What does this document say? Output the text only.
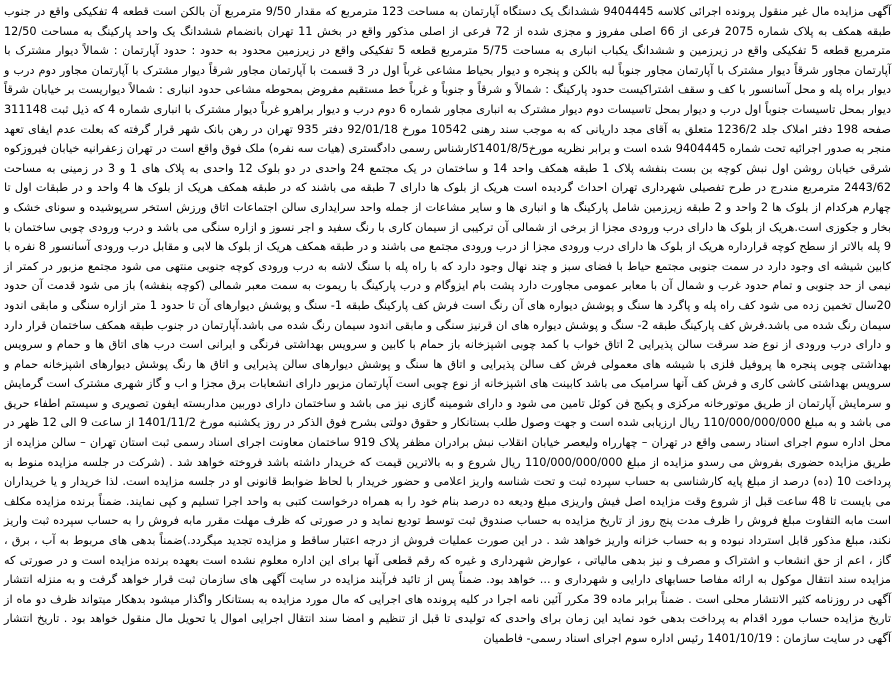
آگهی مزایده مال غیر منقول پرونده اجرائی کلاسه 9404445 ششدانگ یک دستگاه آپارتمان به مساحت 123 مترمربع که مقدار 9/50 مترمربع آن بالکن است قطعه 4 تفکیکی واقع در جنوب طبقه همکف به پلاک شماره 2075 فرعی از 66 اصلی مفروز و مجزی شده از 72 فرعی از اصلی مذکور واقع در بخش 11 تهران بانضمام ششدانگ یک واحد پارکینگ به مساحت 12/50 مترمربع قطعه 5 تفکیکی واقع در زیرزمین و ششدانگ یکباب انباری به مساحت 5/75 مترمربع قطعه 5 تفکیکی واقع در زیرزمین محدود به حدود : حدود آپارتمان : شمالاً دیوار مشترک با آپارتمان مجاور شرقاً دیوار مشترک با آپارتمان مجاور جنوباً لبه بالکن و پنجره و دیوار بحیاط مشاعی غرباً اول در 3 قسمت با آپارتمان مجاور شرقاً دیوار مشترک با آپارتمان مجاور دوم درب و دیوار براه پله و محل آسانسور با کف و سقف اشتراکیست حدود پارکینگ : شمالاً و شرقاً و جنوباً و غرباً خط مستقیم مفروض بمحوطه مشاعی حدود انباری : شمالاً دیواریست بر خیابان شرقاً دیوار بمحل تاسیسات جنوباً اول درب و دیوار بمحل تاسیسات دوم دیوار مشترک به انباری مجاور شماره 6 دوم درب و دیوار براهرو غرباً دیوار مشترک با انباری شماره 4 که ذیل ثبت 311148 صفحه 198 دفتر املاک جلد 1236/2 متعلق به آقای مجد داریانی که به موجب سند رهنی 10542 مورخ 92/01/18 دفتر 935 تهران در رهن بانک شهر قرار گرفته که بعلت عدم ایفای تعهد منجر به صدور اجرائیه تحت شماره 9404445 شده است و برابر نظریه مورخ1401/8/5کارشناس رسمی دادگستری (هیات سه نفره) ملک فوق واقع است در تهران زعفرانیه خیابان فیروزکوه شرقی خیابان روشن اول نبش کوچه بن بست بنفشه پلاک 1 طبقه همکف واحد 14 و ساختمان در یک مجتمع 24 واحدی در دو بلوک 12 واحدی به پلاک های 1 و 3 در زمینی به مساحت 2443/62 مترمربع مندرج در طرح تفصیلی شهرداری تهران احداث گردیده است هریک از بلوک ها دارای 7 طبقه می باشند که در طبقه همکف هریک از بلوک ها 4 واحد و در طبقات اول تا چهارم هرکدام از بلوک ها 2 واحد و 2 طبقه زیرزمین شامل پارکینگ ها و انباری ها و سایر مشاعات از جمله واحد سرایداری سالن اجتماعات اتاق ورزش استخر سرپوشیده و سونای خشک و بخار و جکوزی است.هریک از بلوک ها دارای درب ورودی مجزا از برخی از شمالی آن ترکیبی از سیمان کاری با رنگ سفید و اجر نسوز و ازاره سنگی می باشد و درب ورودی چوبی ساختمان با 9 پله بالاتر از سطح کوچه قرارداره هریک از بلوک ها دارای درب ورودی مجزا از درب ورودی مجتمع می باشند و در طبقه همکف هریک از بلوک ها لابی و مقابل درب ورودی آسانسور 8 نفره با کابین شیشه ای وجود دارد در سمت جنوبی مجتمع حیاط با فضای سبز و چند نهال وجود دارد که با راه پله با سنگ لاشه به درب ورودی کوچه جنوبی منتهی می شود مجتمع مزبور در کمتر از نیمی از حد جنوبی و تمام حدود غرب و شمال آن با معابر عمومی مجاورت دارد پشت بام ایزوگام و درب پارکینگ با ریموت به سمت معبر شمالی (کوچه بنفشه) باز می شود قدمت آن حدود 20سال تخمین زده می شود کف راه پله و پاگرد ها سنگ و پوشش دیواره های آن رنگ است فرش کف پارکینگ طبقه 1- سنگ و پوشش دیوارهای آن تا حدود 1 متر ازاره سنگی و مابقی اندود سیمان رنگ شده می باشد.فرش کف پارکینگ طبقه 2- سنگ و پوشش دیواره های ان قرنیز سنگی و مابقی اندود سیمان رنگ شده می باشد.آپارتمان در جنوب طبقه همکف ساختمان قرار دارد و دارای درب ورودی از نوع ضد سرقت سالن پذیرایی 2 اتاق خواب با کمد چوبی اشپزخانه باز حمام با کابین و سرویس بهداشتی فرنگی و ایرانی است درب های اتاق ها و حمام و سرویس بهداشتی چوبی پنجره ها پروفیل فلزی با شیشه های معمولی فرش کف سالن پذیرایی و اتاق ها سنگ و پوشش دیوارهای سالن پذیرایی و اتاق ها رنگ پوشش دیوارهای اشپزخانه حمام و سرویس بهداشتی کاشی کاری و فرش کف آنها سرامیک می باشد کابینت های اشپزخانه از نوع چوبی است آپارتمان مزبور دارای انشعابات برق مجزا و اب و گاز شهری مشترک است گرمایش و سرمایش آپارتمان از طریق موتورخانه مرکزی و پکیج فن کوئل تامین می شود و دارای شومینه گازی نیز می باشد و ساختمان دارای دوربین مداربسته ایفون تصویری و سیستم اطفاء حریق می باشد و به مبلغ 110/000/000/000 ریال ارزیابی شده است و جهت وصول طلب بستانکار و حقوق دولتی بشرح فوق الذکر در روز یکشنبه مورخ 1401/11/2 از ساعت 9 الی 12 ظهر در محل اداره سوم اجرای اسناد رسمی واقع در تهران – چهارراه ولیعصر خیابان انقلاب نبش برادران مظفر پلاک 919 ساختمان معاونت اجرای اسناد رسمی ثبت استان تهران – سالن مزایده از طریق مزایده حضوری بفروش می رسدو مزایده از مبلغ 110/000/000/000 ریال شروع و به بالاترین قیمت که خریدار داشته باشد فروخته خواهد شد . (شرکت در جلسه مزایده منوط به پرداخت 10 (ده) درصد از مبلغ پایه کارشناسی به حساب سپرده ثبت و تحت شناسه واریز اعلامی و حضور خریدار با لحاظ ضوابط قانونی او در جلسه مزایده است. لذا خریدار و یا خریداران می بایست تا 48 ساعت قبل از شروع وقت مزایده اصل فیش واریزی مبلغ ودیعه ده درصد بنام خود را به همراه درخواست کتبی به واحد اجرا تسلیم و کپی نمایند. ضمناً برنده مزایده مکلف است مابه التفاوت مبلغ فروش را ظرف مدت پنج روز از تاریخ مزایده به حساب صندوق ثبت توسط تودیع نماید و در صورتی که ظرف مهلت مقرر مابه فروش را به حساب سپرده ثبت واریز نکند، مبلغ مذکور قابل استرداد نبوده و به حساب خزانه واریز خواهد شد . در این صورت عملیات فروش از درجه اعتبار ساقط و مزایده تجدید میگردد.)ضمناً بدهی های مربوط به آب ، برق ، گاز ، اعم از حق انشعاب و اشتراک و مصرف و نیز بدهی مالیاتی ، عوارض شهرداری و غیره که رقم قطعی آنها برای این اداره معلوم نشده است بعهده برنده مزایده است و در صورتی که مزایده سند انتقال موکول به ارائه مفاصا حسابهای دارایی و شهرداری و ... خواهد بود. ضمناً پس از تائید فرآیند مزایده در سایت آگهی های سازمان ثبت قرار خواهد گرفت و به منزله انتشار آگهی در روزنامه کثیر الانتشار محلی است . ضمناً برابر ماده 39 مکرر آئین نامه اجرا در کلیه پرونده های اجرایی که مال مورد مزایده به بستانکار واگذار میشود بدهکار میتواند ظرف دو ماه از تاریخ مزایده حساب مورد اقدام به پرداخت بدهی خود نماید این زمان برای واحدی که تولیدی تا قبل از تنظیم و امضا سند انتقال اجرایی اموال یا تحویل مال منقول خواهد بود . تاریخ انتشار آگهی در سایت سازمان : 1401/10/19 رئیس اداره سوم اجرای اسناد رسمی- فاطمیان
